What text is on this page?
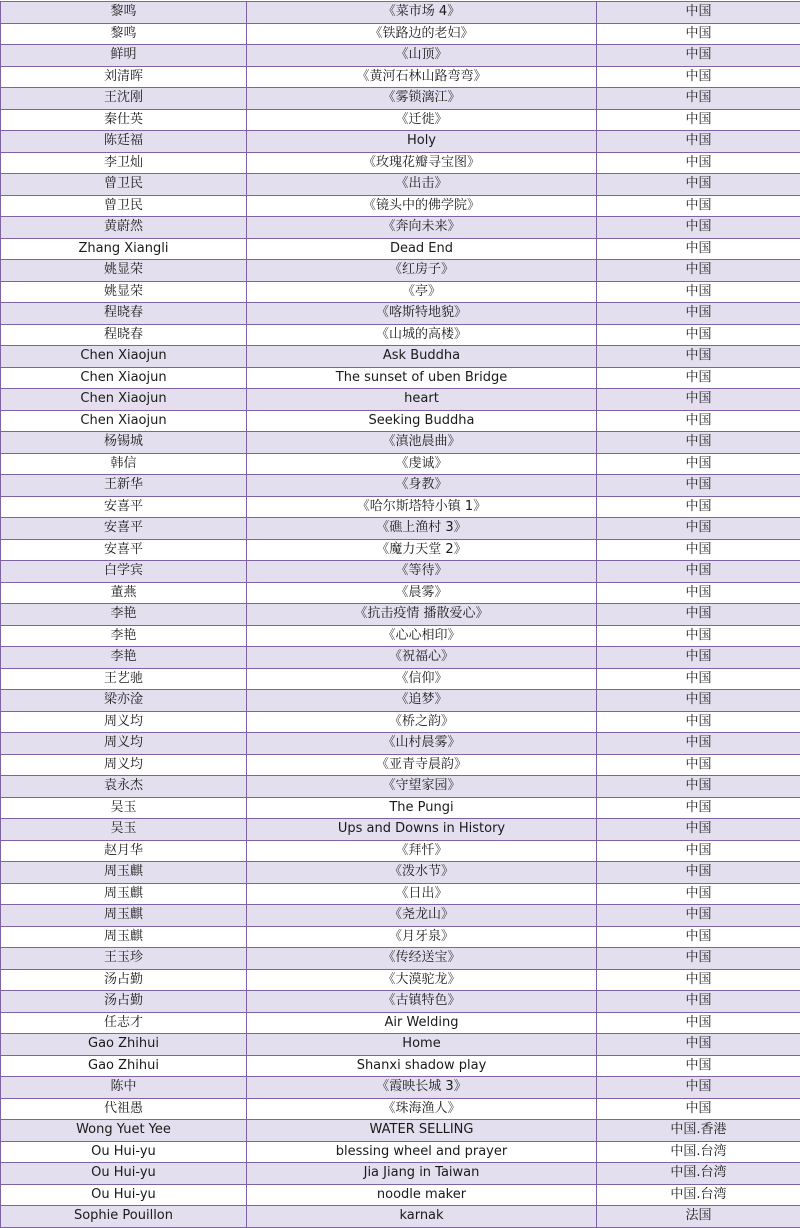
黎鸣	《菜市场 4》	中国
黎鸣	《铁路边的老妇》	中国
鲜明	《山顶》	中国
刘清晖	《黄河石林山路弯弯》	中国
王沈刚	《雾锁漓江》	中国
秦仕英	《迁徙》	中国
陈廷福	Holy	中国
李卫灿	《玫瑰花瓣寻宝图》	中国
曾卫民	《出击》	中国
曾卫民	《镜头中的佛学院》	中国
黄蔚然	《奔向未来》	中国
Zhang Xiangli	Dead End	中国
姚显荣	《红房子》	中国
姚显荣	《亭》	中国
程晓春	《喀斯特地貌》	中国
程晓春	《山城的高楼》	中国
Chen Xiaojun	Ask Buddha	中国
Chen Xiaojun	The sunset of uben Bridge	中国
Chen Xiaojun	heart	中国
Chen Xiaojun	Seeking Buddha	中国
杨锡城	《滇池晨曲》	中国
韩信	《虔诚》	中国
王新华	《身教》	中国
安喜平	《哈尔斯塔特小镇 1》	中国
安喜平	《礁上渔村 3》	中国
安喜平	《魔力天堂 2》	中国
白学宾	《等待》	中国
董燕	《晨雾》	中国
李艳	《抗击疫情 播散爱心》	中国
李艳	《心心相印》	中国
李艳	《祝福心》	中国
王艺驰	《信仰》	中国
梁亦淦	《追梦》	中国
周义均	《桥之韵》	中国
周义均	《山村晨雾》	中国
周义均	《亚青寺晨韵》	中国
袁永杰	《守望家园》	中国
吴玉	The Pungi	中国
吴玉	Ups and Downs in History	中国
赵月华	《拜忏》	中国
周玉麒	《泼水节》	中国
周玉麒	《日出》	中国
周玉麒	《尧龙山》	中国
周玉麒	《月牙泉》	中国
王玉珍	《传经送宝》	中国
汤占勤	《大漠驼龙》	中国
汤占勤	《古镇特色》	中国
任志才	Air Welding	中国
Gao Zhihui	Home	中国
Gao Zhihui	Shanxi shadow play	中国
陈中	《霞映长城 3》	中国
代祖愚	《珠海渔人》	中国
Wong Yuet Yee	WATER SELLING	中国.香港
Ou Hui-yu	blessing wheel and prayer	中国.台湾
Ou Hui-yu	Jia Jiang in Taiwan	中国.台湾
Ou Hui-yu	noodle maker	中国.台湾
Sophie Pouillon	karnak	法国
